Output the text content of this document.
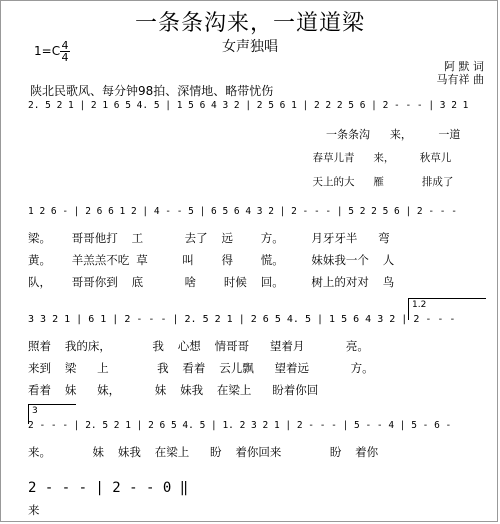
一条条沟来，一道道梁
女声独唱
1=C 4
4
阿 默 词
马有祥 曲
陕北民歌风、每分钟98拍、深情地、略带忧伤
2. 5 2 1 | 2 1 6 5 4. 5 | 1 5 6 4 3 2 | 2 5 6 1 | 2 2 2 5 6 | 2 - - - | 3 2 1
一条条沟   来，    一道
春草儿青   来，    秋草儿
天上的大   雁      排成了
1 2 6 - | 2 6 6 1 2 | 4 - - 5 | 6 5 6 4 3 2 | 2 - - - | 5 2 2 5 6 | 2 - - -
梁。   哥哥他打  工      去了  远    方。    月牙牙半   弯
黄。   羊羔羔不吃 草     叫    得    慌。    妹妹我一个  人
队，   哥哥你到  底      啥    时候  回。    树上的对对  鸟
1.2
3 3 2 1 | 6 1 | 2 - - - | 2. 5 2 1 | 2 6 5 4. 5 | 1 5 6 4 3 2 | 2 - - -
照着  我的床，      我  心想  情哥哥   望着月      亮。
来到  梁   上       我  看着  云儿飘   望着远      方。
看着  妹   妹，     妹  妹我  在梁上   盼着你回
3
2 - - - | 2. 5 2 1 | 2 6 5 4. 5 | 1. 2 3 2 1 | 2 - - - | 5 - - 4 | 5 - 6 -
来。      妹  妹我  在梁上   盼  着你回来       盼  着你
2 - - - | 2 - - 0 ‖
来
